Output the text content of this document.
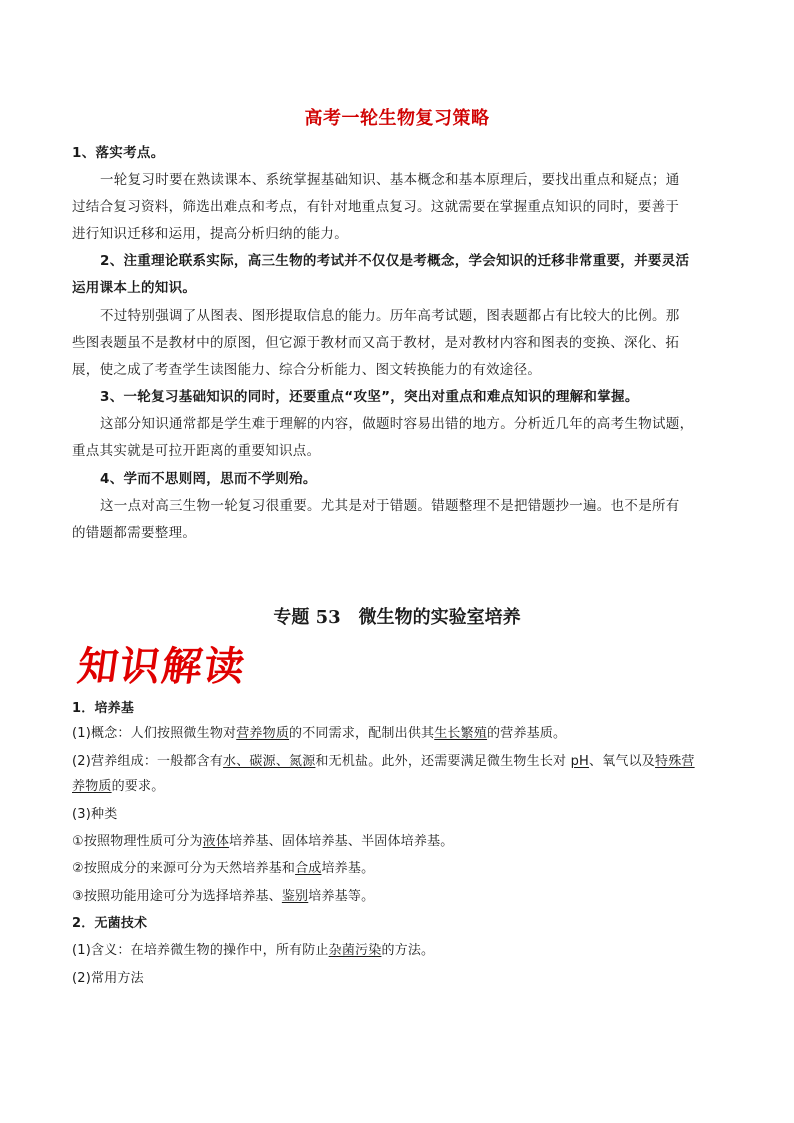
高考一轮生物复习策略
1、落实考点。
一轮复习时要在熟读课本、系统掌握基础知识、基本概念和基本原理后，要找出重点和疑点；通
过结合复习资料，筛选出难点和考点，有针对地重点复习。这就需要在掌握重点知识的同时，要善于
进行知识迁移和运用，提高分析归纳的能力。
2、注重理论联系实际，高三生物的考试并不仅仅是考概念，学会知识的迁移非常重要，并要灵活
运用课本上的知识。
不过特别强调了从图表、图形提取信息的能力。历年高考试题，图表题都占有比较大的比例。那
些图表题虽不是教材中的原图，但它源于教材而又高于教材，是对教材内容和图表的变换、深化、拓
展，使之成了考查学生读图能力、综合分析能力、图文转换能力的有效途径。
3、一轮复习基础知识的同时，还要重点“攻坚”，突出对重点和难点知识的理解和掌握。
这部分知识通常都是学生难于理解的内容，做题时容易出错的地方。分析近几年的高考生物试题，
重点其实就是可拉开距离的重要知识点。
4、学而不思则罔，思而不学则殆。
这一点对高三生物一轮复习很重要。尤其是对于错题。错题整理不是把错题抄一遍。也不是所有
的错题都需要整理。
专题 53　微生物的实验室培养
知识解读
1．培养基
(1)概念：人们按照微生物对营养物质的不同需求，配制出供其生长繁殖的营养基质。
(2)营养组成：一般都含有水、碳源、氮源和无机盐。此外，还需要满足微生物生长对 pH、氧气以及特殊营
养物质的要求。
(3)种类
①按照物理性质可分为液体培养基、固体培养基、半固体培养基。
②按照成分的来源可分为天然培养基和合成培养基。
③按照功能用途可分为选择培养基、鉴别培养基等。
2．无菌技术
(1)含义：在培养微生物的操作中，所有防止杂菌污染的方法。
(2)常用方法
